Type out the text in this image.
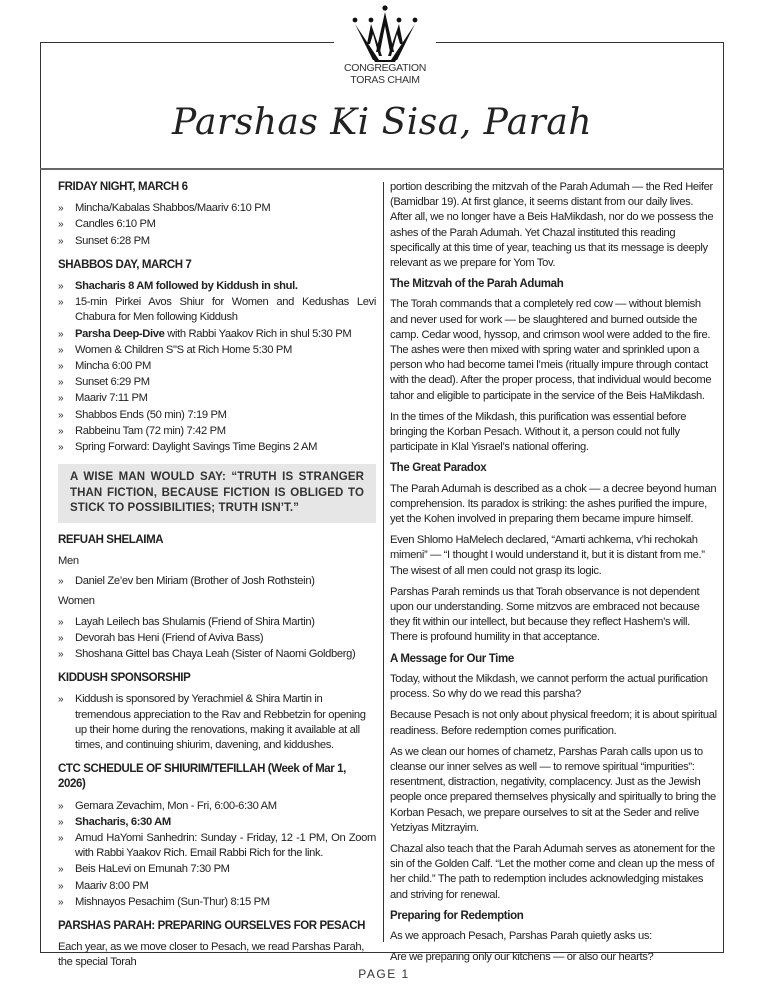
CONGREGATION
TORAS CHAIM
Parshas Ki Sisa, Parah
FRIDAY NIGHT, MARCH 6
» Mincha/Kabalas Shabbos/Maariv 6:10 PM
» Candles 6:10 PM
» Sunset 6:28 PM
SHABBOS DAY, MARCH 7
» Shacharis 8 AM followed by Kiddush in shul.
» 15-min Pirkei Avos Shiur for Women and Kedushas Levi Chabura for Men following Kiddush
» Parsha Deep-Dive with Rabbi Yaakov Rich in shul 5:30 PM
» Women & Children S"S at Rich Home 5:30 PM
» Mincha 6:00 PM
» Sunset 6:29 PM
» Maariv 7:11 PM
» Shabbos Ends (50 min) 7:19 PM
» Rabbeinu Tam (72 min) 7:42 PM
» Spring Forward: Daylight Savings Time Begins 2 AM
A WISE MAN WOULD SAY: “TRUTH IS STRANGER THAN FICTION, BECAUSE FICTION IS OBLIGED TO STICK TO POSSIBILITIES; TRUTH ISN’T.”
REFUAH SHELAIMA
Men
» Daniel Ze’ev ben Miriam (Brother of Josh Rothstein)
Women
» Layah Leilech bas Shulamis (Friend of Shira Martin)
» Devorah bas Heni (Friend of Aviva Bass)
» Shoshana Gittel bas Chaya Leah (Sister of Naomi Goldberg)
KIDDUSH SPONSORSHIP
» Kiddush is sponsored by Yerachmiel & Shira Martin in tremendous appreciation to the Rav and Rebbetzin for opening up their home during the renovations, making it available at all times, and continuing shiurim, davening, and kiddushes.
CTC SCHEDULE OF SHIURIM/TEFILLAH (Week of Mar 1, 2026)
» Gemara Zevachim, Mon - Fri, 6:00-6:30 AM
» Shacharis, 6:30 AM
» Amud HaYomi Sanhedrin: Sunday - Friday, 12 -1 PM, On Zoom with Rabbi Yaakov Rich. Email Rabbi Rich for the link.
» Beis HaLevi on Emunah 7:30 PM
» Maariv 8:00 PM
» Mishnayos Pesachim (Sun-Thur) 8:15 PM
PARSHAS PARAH: PREPARING OURSELVES FOR PESACH
Each year, as we move closer to Pesach, we read Parshas Parah, the special Torah
portion describing the mitzvah of the Parah Adumah — the Red Heifer (Bamidbar 19). At first glance, it seems distant from our daily lives. After all, we no longer have a Beis HaMikdash, nor do we possess the ashes of the Parah Adumah. Yet Chazal instituted this reading specifically at this time of year, teaching us that its message is deeply relevant as we prepare for Yom Tov.
The Mitzvah of the Parah Adumah
The Torah commands that a completely red cow — without blemish and never used for work — be slaughtered and burned outside the camp. Cedar wood, hyssop, and crimson wool were added to the fire. The ashes were then mixed with spring water and sprinkled upon a person who had become tamei l’meis (ritually impure through contact with the dead). After the proper process, that individual would become tahor and eligible to participate in the service of the Beis HaMikdash.
In the times of the Mikdash, this purification was essential before bringing the Korban Pesach. Without it, a person could not fully participate in Klal Yisrael’s national offering.
The Great Paradox
The Parah Adumah is described as a chok — a decree beyond human comprehension. Its paradox is striking: the ashes purified the impure, yet the Kohen involved in preparing them became impure himself.
Even Shlomo HaMelech declared, “Amarti achkema, v’hi rechokah mimeni” — “I thought I would understand it, but it is distant from me.” The wisest of all men could not grasp its logic.
Parshas Parah reminds us that Torah observance is not dependent upon our understanding. Some mitzvos are embraced not because they fit within our intellect, but because they reflect Hashem’s will. There is profound humility in that acceptance.
A Message for Our Time
Today, without the Mikdash, we cannot perform the actual purification process. So why do we read this parsha?
Because Pesach is not only about physical freedom; it is about spiritual readiness. Before redemption comes purification.
As we clean our homes of chametz, Parshas Parah calls upon us to cleanse our inner selves as well — to remove spiritual “impurities”: resentment, distraction, negativity, complacency. Just as the Jewish people once prepared themselves physically and spiritually to bring the Korban Pesach, we prepare ourselves to sit at the Seder and relive Yetziyas Mitzrayim.
Chazal also teach that the Parah Adumah serves as atonement for the sin of the Golden Calf. “Let the mother come and clean up the mess of her child.” The path to redemption includes acknowledging mistakes and striving for renewal.
Preparing for Redemption
As we approach Pesach, Parshas Parah quietly asks us:
Are we preparing only our kitchens — or also our hearts?
PAGE 1
